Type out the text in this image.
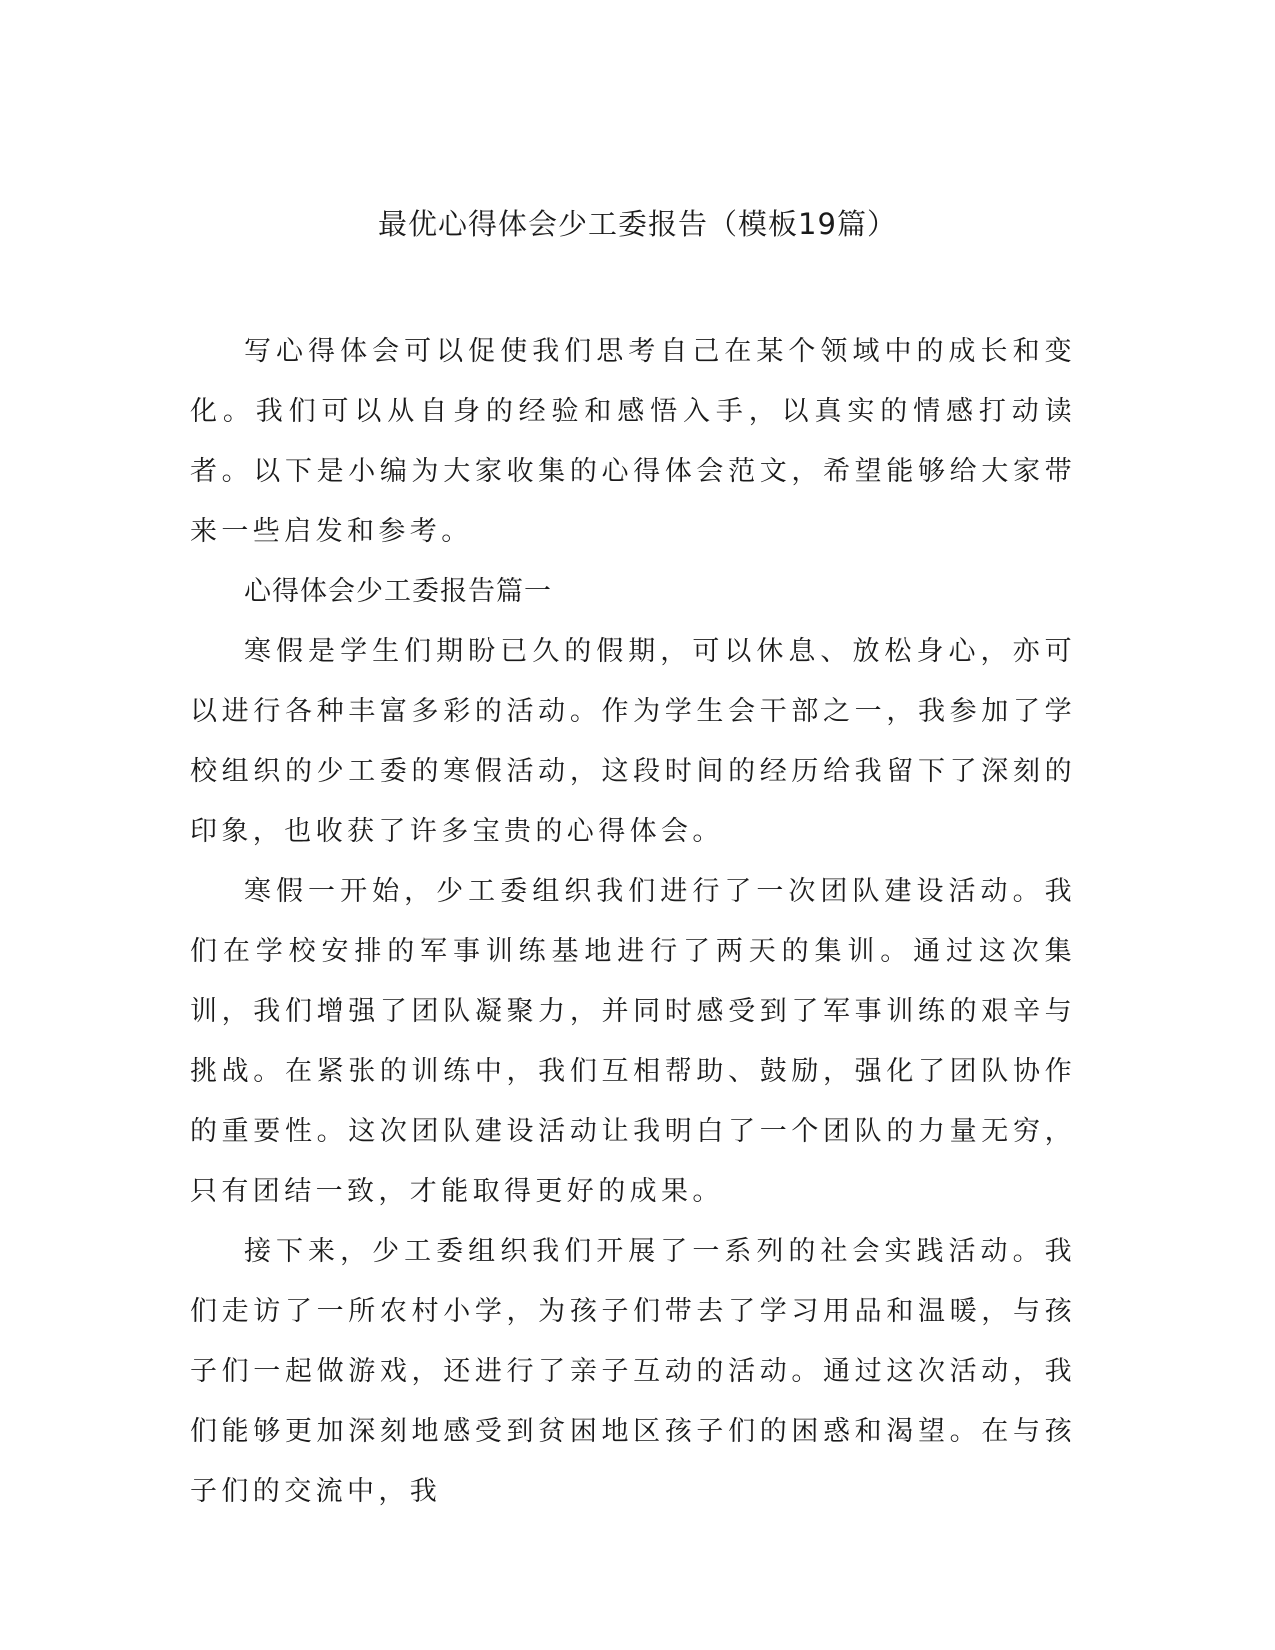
最优心得体会少工委报告（模板19篇）

写心得体会可以促使我们思考自己在某个领域中的成长和变化。我们可以从自身的经验和感悟入手，以真实的情感打动读者。以下是小编为大家收集的心得体会范文，希望能够给大家带来一些启发和参考。

心得体会少工委报告篇一

寒假是学生们期盼已久的假期，可以休息、放松身心，亦可以进行各种丰富多彩的活动。作为学生会干部之一，我参加了学校组织的少工委的寒假活动，这段时间的经历给我留下了深刻的印象，也收获了许多宝贵的心得体会。

寒假一开始，少工委组织我们进行了一次团队建设活动。我们在学校安排的军事训练基地进行了两天的集训。通过这次集训，我们增强了团队凝聚力，并同时感受到了军事训练的艰辛与挑战。在紧张的训练中，我们互相帮助、鼓励，强化了团队协作的重要性。这次团队建设活动让我明白了一个团队的力量无穷，只有团结一致，才能取得更好的成果。

接下来，少工委组织我们开展了一系列的社会实践活动。我们走访了一所农村小学，为孩子们带去了学习用品和温暖，与孩子们一起做游戏，还进行了亲子互动的活动。通过这次活动，我们能够更加深刻地感受到贫困地区孩子们的困惑和渴望。在与孩子们的交流中，我
